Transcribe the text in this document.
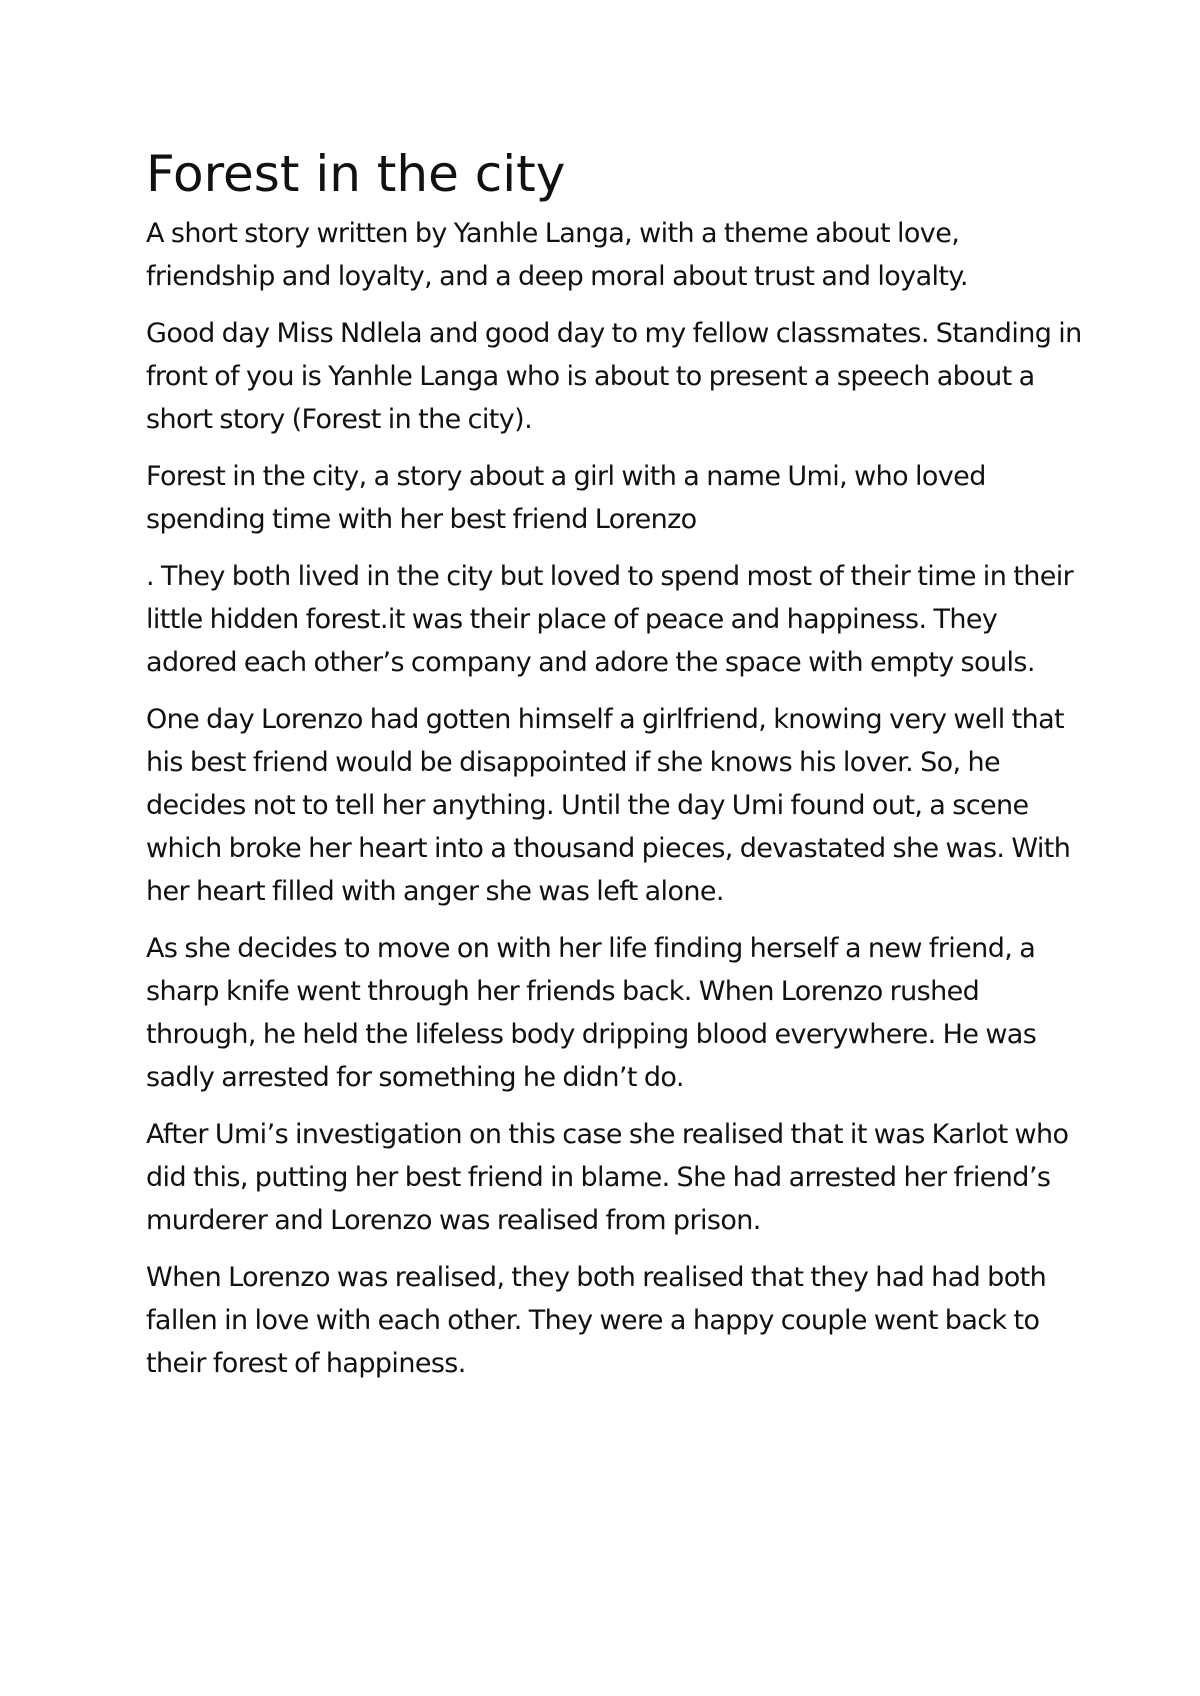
Forest in the city

A short story written by Yanhle Langa, with a theme about love, friendship and loyalty, and a deep moral about trust and loyalty.

Good day Miss Ndlela and good day to my fellow classmates. Standing in front of you is Yanhle Langa who is about to present a speech about a short story (Forest in the city).

Forest in the city, a story about a girl with a name Umi, who loved spending time with her best friend Lorenzo

. They both lived in the city but loved to spend most of their time in their little hidden forest.it was their place of peace and happiness. They adored each other’s company and adore the space with empty souls.

One day Lorenzo had gotten himself a girlfriend, knowing very well that his best friend would be disappointed if she knows his lover. So, he decides not to tell her anything. Until the day Umi found out, a scene which broke her heart into a thousand pieces, devastated she was. With her heart filled with anger she was left alone.

As she decides to move on with her life finding herself a new friend, a sharp knife went through her friends back. When Lorenzo rushed through, he held the lifeless body dripping blood everywhere. He was sadly arrested for something he didn’t do.

After Umi’s investigation on this case she realised that it was Karlot who did this, putting her best friend in blame. She had arrested her friend’s murderer and Lorenzo was realised from prison.

When Lorenzo was realised, they both realised that they had had both fallen in love with each other. They were a happy couple went back to their forest of happiness.
